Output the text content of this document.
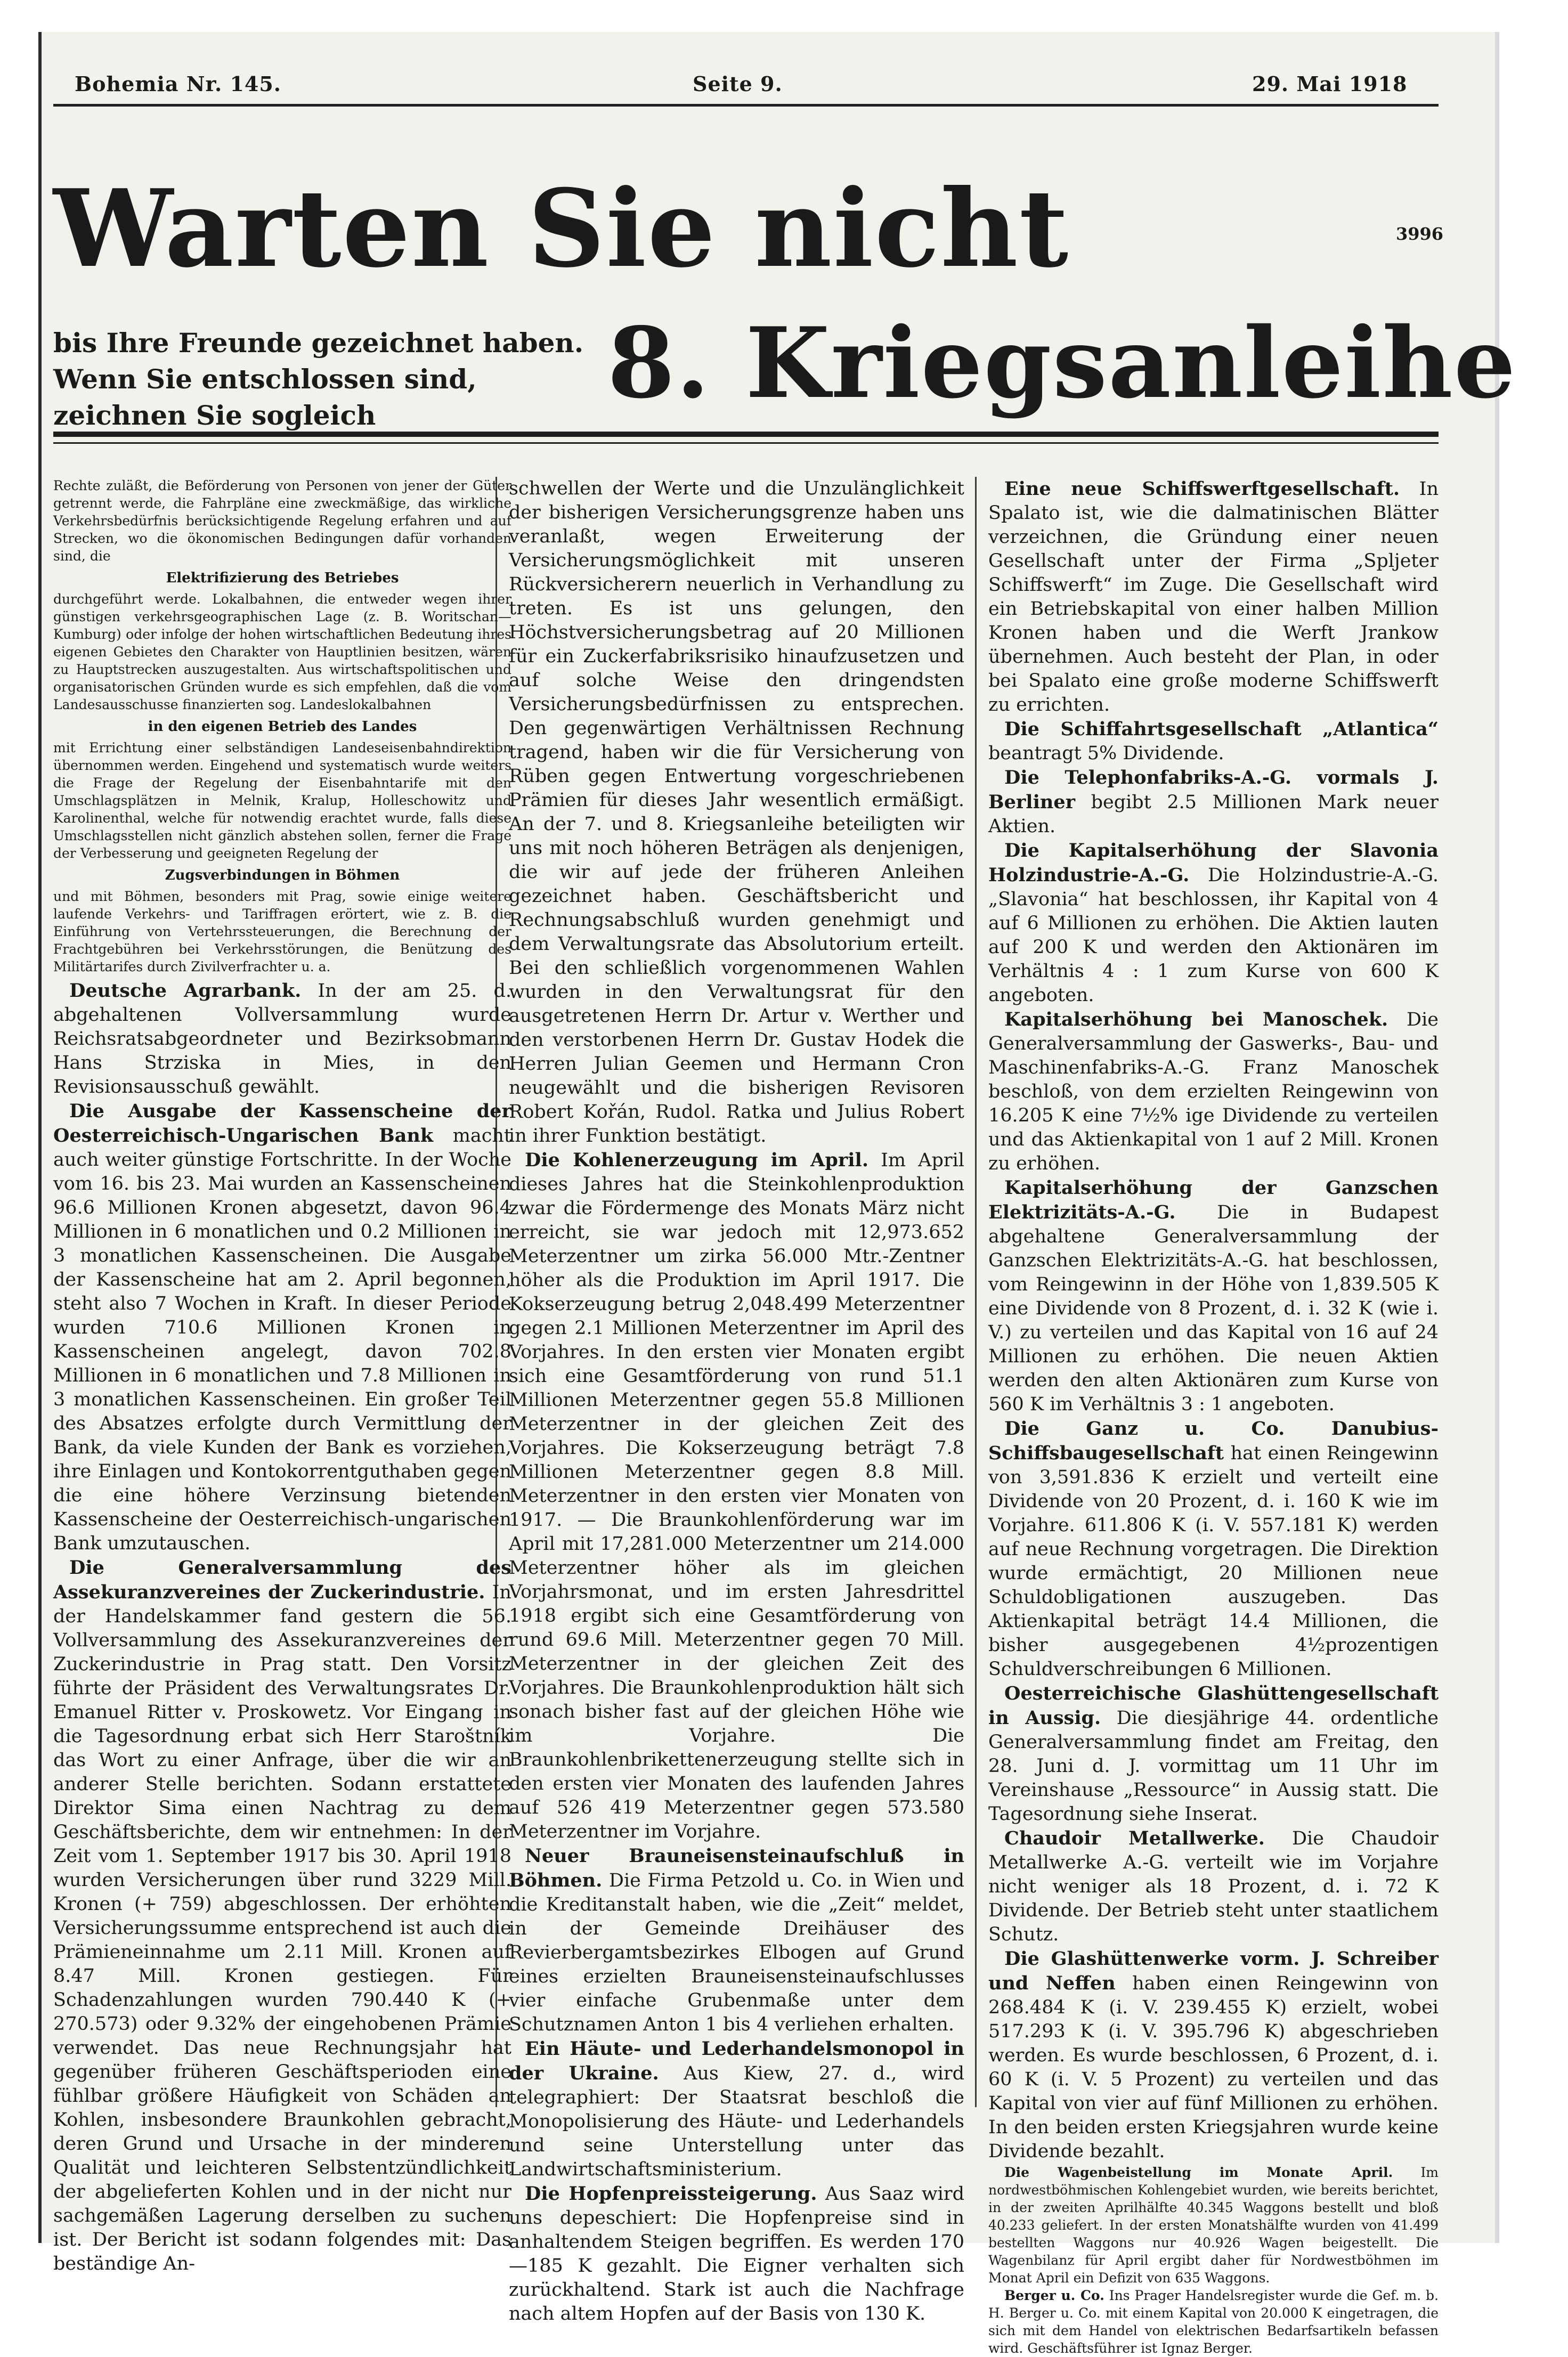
Bohemia Nr. 145.	Seite 9.	29. Mai 1918
Warten Sie nicht	3996
bis Ihre Freunde gezeichnet haben. Wenn Sie entschlossen sind, zeichnen Sie sogleich	8. Kriegsanleihe

Rechte zuläßt, die Beförderung von Personen von jener der Güter getrennt werde, die Fahrpläne eine zweckmäßige, das wirkliche Verkehrsbedürfnis berücksichtigende Regelung erfahren und auf Strecken, wo die ökonomischen Bedingungen dafür vorhanden sind, die

Elektrifizierung des Betriebes

durchgeführt werde. Lokalbahnen, die entweder wegen ihrer günstigen verkehrsgeographischen Lage (z. B. Woritschan—Kumburg) oder infolge der hohen wirtschaftlichen Bedeutung ihres eigenen Gebietes den Charakter von Hauptlinien besitzen, wären zu Hauptstrecken auszugestalten. Aus wirtschaftspolitischen und organisatorischen Gründen wurde es sich empfehlen, daß die vom Landesausschusse finanzierten sog. Landeslokalbahnen

in den eigenen Betrieb des Landes

mit Errichtung einer selbständigen Landeseisenbahndirektion übernommen werden. Eingehend und systematisch wurde weiters die Frage der Regelung der Eisenbahntarife mit den Umschlagsplätzen in Melnik, Kralup, Holleschowitz und Karolinenthal, welche für notwendig erachtet wurde, falls diese Umschlagsstellen nicht gänzlich abstehen sollen, ferner die Frage der Verbesserung und geeigneten Regelung der

Zugsverbindungen in Böhmen

und mit Böhmen, besonders mit Prag, sowie einige weitere laufende Verkehrs- und Tariffragen erörtert, wie z. B. die Einführung von Vertehrssteuerungen, die Berechnung der Frachtgebühren bei Verkehrsstörungen, die Benützung des Militärtarifes durch Zivilverfrachter u. a.

Deutsche Agrarbank. In der am 25. d. abgehaltenen Vollversammlung wurde Reichsratsabgeordneter und Bezirksobmann Hans Strziska in Mies, in den Revisionsausschuß gewählt.

Die Ausgabe der Kassenscheine der Oesterreichisch-Ungarischen Bank macht auch weiter günstige Fortschritte. In der Woche vom 16. bis 23. Mai wurden an Kassenscheinen 96.6 Millionen Kronen abgesetzt, davon 96.4 Millionen in 6 monatlichen und 0.2 Millionen in 3 monatlichen Kassenscheinen. Die Ausgabe der Kassenscheine hat am 2. April begonnen, steht also 7 Wochen in Kraft. In dieser Periode wurden 710.6 Millionen Kronen in Kassenscheinen angelegt, davon 702.8 Millionen in 6 monatlichen und 7.8 Millionen in 3 monatlichen Kassenscheinen. Ein großer Teil des Absatzes erfolgte durch Vermittlung der Bank, da viele Kunden der Bank es vorziehen, ihre Einlagen und Kontokorrentguthaben gegen die eine höhere Verzinsung bietenden Kassenscheine der Oesterreichisch-ungarischen Bank umzutauschen.

Die Generalversammlung des Assekuranzvereines der Zuckerindustrie. In der Handelskammer fand gestern die 56. Vollversammlung des Assekuranzvereines der Zuckerindustrie in Prag statt. Den Vorsitz führte der Präsident des Verwaltungsrates Dr. Emanuel Ritter v. Proskowetz. Vor Eingang in die Tagesordnung erbat sich Herr Staroštník das Wort zu einer Anfrage, über die wir an anderer Stelle berichten. Sodann erstattete Direktor Sima einen Nachtrag zu dem Geschäftsberichte, dem wir entnehmen: In der Zeit vom 1. September 1917 bis 30. April 1918 wurden Versicherungen über rund 3229 Mill. Kronen (+ 759) abgeschlossen. Der erhöhten Versicherungssumme entsprechend ist auch die Prämieneinnahme um 2.11 Mill. Kronen auf 8.47 Mill. Kronen gestiegen. Für Schadenzahlungen wurden 790.440 K (+ 270.573) oder 9.32% der eingehobenen Prämie verwendet. Das neue Rechnungsjahr hat gegenüber früheren Geschäftsperioden eine fühlbar größere Häufigkeit von Schäden an Kohlen, insbesondere Braunkohlen gebracht, deren Grund und Ursache in der minderen Qualität und leichteren Selbstentzündlichkeit der abgelieferten Kohlen und in der nicht nur sachgemäßen Lagerung derselben zu suchen ist. Der Bericht ist sodann folgendes mit: Das beständige An-

schwellen der Werte und die Unzulänglichkeit der bisherigen Versicherungsgrenze haben uns veranlaßt, wegen Erweiterung der Versicherungsmöglichkeit mit unseren Rückversicherern neuerlich in Verhandlung zu treten. Es ist uns gelungen, den Höchstversicherungsbetrag auf 20 Millionen für ein Zuckerfabriksrisiko hinaufzusetzen und auf solche Weise den dringendsten Versicherungsbedürfnissen zu entsprechen. Den gegenwärtigen Verhältnissen Rechnung tragend, haben wir die für Versicherung von Rüben gegen Entwertung vorgeschriebenen Prämien für dieses Jahr wesentlich ermäßigt. An der 7. und 8. Kriegsanleihe beteiligten wir uns mit noch höheren Beträgen als denjenigen, die wir auf jede der früheren Anleihen gezeichnet haben. Geschäftsbericht und Rechnungsabschluß wurden genehmigt und dem Verwaltungsrate das Absolutorium erteilt. Bei den schließlich vorgenommenen Wahlen wurden in den Verwaltungsrat für den ausgetretenen Herrn Dr. Artur v. Werther und den verstorbenen Herrn Dr. Gustav Hodek die Herren Julian Geemen und Hermann Cron neugewählt und die bisherigen Revisoren Robert Kořán, Rudol. Ratka und Julius Robert in ihrer Funktion bestätigt.

Die Kohlenerzeugung im April. Im April dieses Jahres hat die Steinkohlenproduktion zwar die Fördermenge des Monats März nicht erreicht, sie war jedoch mit 12,973.652 Meterzentner um zirka 56.000 Mtr.-Zentner höher als die Produktion im April 1917. Die Kokserzeugung betrug 2,048.499 Meterzentner gegen 2.1 Millionen Meterzentner im April des Vorjahres. In den ersten vier Monaten ergibt sich eine Gesamtförderung von rund 51.1 Millionen Meterzentner gegen 55.8 Millionen Meterzentner in der gleichen Zeit des Vorjahres. Die Kokserzeugung beträgt 7.8 Millionen Meterzentner gegen 8.8 Mill. Meterzentner in den ersten vier Monaten von 1917. — Die Braunkohlenförderung war im April mit 17,281.000 Meterzentner um 214.000 Meterzentner höher als im gleichen Vorjahrsmonat, und im ersten Jahresdrittel 1918 ergibt sich eine Gesamtförderung von rund 69.6 Mill. Meterzentner gegen 70 Mill. Meterzentner in der gleichen Zeit des Vorjahres. Die Braunkohlenproduktion hält sich sonach bisher fast auf der gleichen Höhe wie im Vorjahre. Die Braunkohlenbrikettenerzeugung stellte sich in den ersten vier Monaten des laufenden Jahres auf 526 419 Meterzentner gegen 573.580 Meterzentner im Vorjahre.

Neuer Brauneisensteinaufschluß in Böhmen. Die Firma Petzold u. Co. in Wien und die Kreditanstalt haben, wie die „Zeit“ meldet, in der Gemeinde Dreihäuser des Revierbergamtsbezirkes Elbogen auf Grund eines erzielten Brauneisensteinaufschlusses vier einfache Grubenmaße unter dem Schutznamen Anton 1 bis 4 verliehen erhalten.

Ein Häute- und Lederhandelsmonopol in der Ukraine. Aus Kiew, 27. d., wird telegraphiert: Der Staatsrat beschloß die Monopolisierung des Häute- und Lederhandels und seine Unterstellung unter das Landwirtschaftsministerium.

Die Hopfenpreissteigerung. Aus Saaz wird uns depeschiert: Die Hopfenpreise sind in anhaltendem Steigen begriffen. Es werden 170—185 K gezahlt. Die Eigner verhalten sich zurückhaltend. Stark ist auch die Nachfrage nach altem Hopfen auf der Basis von 130 K.

Eine neue Schiffswerftgesellschaft. In Spalato ist, wie die dalmatinischen Blätter verzeichnen, die Gründung einer neuen Gesellschaft unter der Firma „Spljeter Schiffswerft“ im Zuge. Die Gesellschaft wird ein Betriebskapital von einer halben Million Kronen haben und die Werft Jrankow übernehmen. Auch besteht der Plan, in oder bei Spalato eine große moderne Schiffswerft zu errichten.

Die Schiffahrtsgesellschaft „Atlantica“ beantragt 5% Dividende.

Die Telephonfabriks-A.-G. vormals J. Berliner begibt 2.5 Millionen Mark neuer Aktien.

Die Kapitalserhöhung der Slavonia Holzindustrie-A.-G. Die Holzindustrie-A.-G. „Slavonia“ hat beschlossen, ihr Kapital von 4 auf 6 Millionen zu erhöhen. Die Aktien lauten auf 200 K und werden den Aktionären im Verhältnis 4 : 1 zum Kurse von 600 K angeboten.

Kapitalserhöhung bei Manoschek. Die Generalversammlung der Gaswerks-, Bau- und Maschinenfabriks-A.-G. Franz Manoschek beschloß, von dem erzielten Reingewinn von 16.205 K eine 7½% ige Dividende zu verteilen und das Aktienkapital von 1 auf 2 Mill. Kronen zu erhöhen.

Kapitalserhöhung der Ganzschen Elektrizitäts-A.-G. Die in Budapest abgehaltene Generalversammlung der Ganzschen Elektrizitäts-A.-G. hat beschlossen, vom Reingewinn in der Höhe von 1,839.505 K eine Dividende von 8 Prozent, d. i. 32 K (wie i. V.) zu verteilen und das Kapital von 16 auf 24 Millionen zu erhöhen. Die neuen Aktien werden den alten Aktionären zum Kurse von 560 K im Verhältnis 3 : 1 angeboten.

Die Ganz u. Co. Danubius-Schiffsbaugesellschaft hat einen Reingewinn von 3,591.836 K erzielt und verteilt eine Dividende von 20 Prozent, d. i. 160 K wie im Vorjahre. 611.806 K (i. V. 557.181 K) werden auf neue Rechnung vorgetragen. Die Direktion wurde ermächtigt, 20 Millionen neue Schuldobligationen auszugeben. Das Aktienkapital beträgt 14.4 Millionen, die bisher ausgegebenen 4½prozentigen Schuldverschreibungen 6 Millionen.

Oesterreichische Glashüttengesellschaft in Aussig. Die diesjährige 44. ordentliche Generalversammlung findet am Freitag, den 28. Juni d. J. vormittag um 11 Uhr im Vereinshause „Ressource“ in Aussig statt. Die Tagesordnung siehe Inserat.

Chaudoir Metallwerke. Die Chaudoir Metallwerke A.-G. verteilt wie im Vorjahre nicht weniger als 18 Prozent, d. i. 72 K Dividende. Der Betrieb steht unter staatlichem Schutz.

Die Glashüttenwerke vorm. J. Schreiber und Neffen haben einen Reingewinn von 268.484 K (i. V. 239.455 K) erzielt, wobei 517.293 K (i. V. 395.796 K) abgeschrieben werden. Es wurde beschlossen, 6 Prozent, d. i. 60 K (i. V. 5 Prozent) zu verteilen und das Kapital von vier auf fünf Millionen zu erhöhen. In den beiden ersten Kriegsjahren wurde keine Dividende bezahlt.

Die Wagenbeistellung im Monate April. Im nordwestböhmischen Kohlengebiet wurden, wie bereits berichtet, in der zweiten Aprilhälfte 40.345 Waggons bestellt und bloß 40.233 geliefert. In der ersten Monatshälfte wurden von 41.499 bestellten Waggons nur 40.926 Wagen beigestellt. Die Wagenbilanz für April ergibt daher für Nordwestböhmen im Monat April ein Defizit von 635 Waggons.

Berger u. Co. Ins Prager Handelsregister wurde die Gef. m. b. H. Berger u. Co. mit einem Kapital von 20.000 K eingetragen, die sich mit dem Handel von elektrischen Bedarfsartikeln befassen wird. Geschäftsführer ist Ignaz Berger.
